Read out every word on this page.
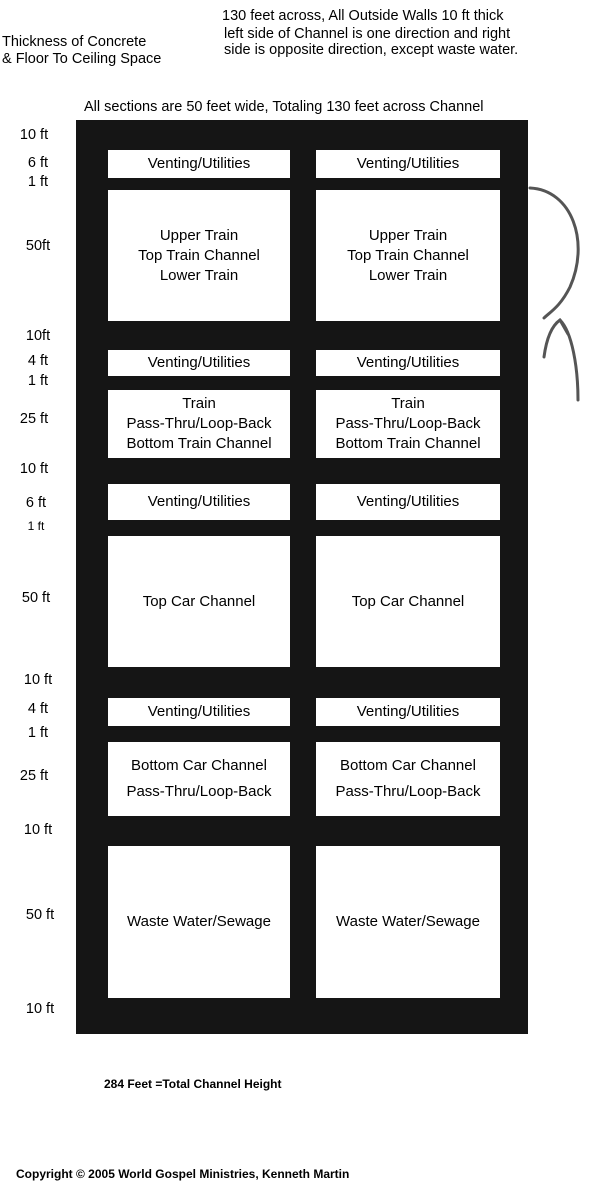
Thickness of Concrete
& Floor To Ceiling Space
130 feet across, All Outside Walls 10 ft thick
left side of Channel is one direction and right
side is opposite direction, except waste water.
All sections are 50 feet wide, Totaling 130 feet across Channel
Venting/Utilities
Upper Train
Top Train Channel
Lower Train
Venting/Utilities
Train
Pass-Thru/Loop-Back
Bottom Train Channel
Venting/Utilities
Top Car Channel
Venting/Utilities
Bottom Car Channel
Pass-Thru/Loop-Back
Waste Water/Sewage
Venting/Utilities
Upper Train
Top Train Channel
Lower Train
Venting/Utilities
Train
Pass-Thru/Loop-Back
Bottom Train Channel
Venting/Utilities
Top Car Channel
Venting/Utilities
Bottom Car Channel
Pass-Thru/Loop-Back
Waste Water/Sewage
10 ft
6 ft
1 ft
50ft
10ft
4 ft
1 ft
25 ft
10 ft
6 ft
1 ft
50 ft
10 ft
4 ft
1 ft
25 ft
10 ft
50 ft
10 ft
284 Feet =Total Channel Height
Copyright © 2005 World Gospel Ministries, Kenneth Martin
